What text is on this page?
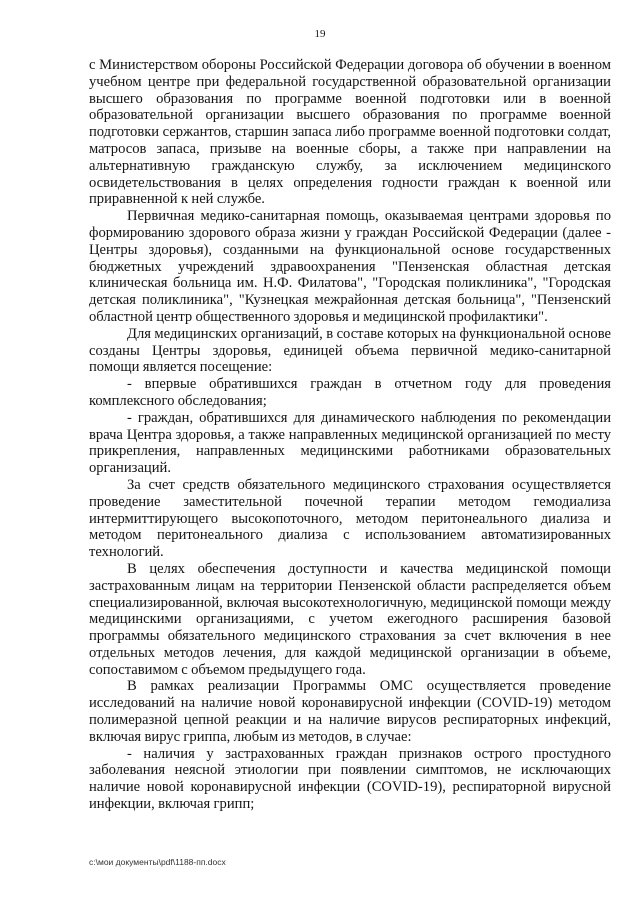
19

с Министерством обороны Российской Федерации договора об обучении в военном учебном центре при федеральной государственной образовательной организации высшего образования по программе военной подготовки или в военной образовательной организации высшего образования по программе военной подготовки сержантов, старшин запаса либо программе военной подготовки солдат, матросов запаса, призыве на военные сборы, а также при направлении на альтернативную гражданскую службу, за исключением медицинского освидетельствования в целях определения годности граждан к военной или приравненной к ней службе.

Первичная медико-санитарная помощь, оказываемая центрами здоровья по формированию здорового образа жизни у граждан Российской Федерации (далее - Центры здоровья), созданными на функциональной основе государственных бюджетных учреждений здравоохранения "Пензенская областная детская клиническая больница им. Н.Ф. Филатова", "Городская поликлиника", "Городская детская поликлиника", "Кузнецкая межрайонная детская больница", "Пензенский областной центр общественного здоровья и медицинской профилактики".

Для медицинских организаций, в составе которых на функциональной основе созданы Центры здоровья, единицей объема первичной медико-санитарной помощи является посещение:

- впервые обратившихся граждан в отчетном году для проведения комплексного обследования;

- граждан, обратившихся для динамического наблюдения по рекомендации врача Центра здоровья, а также направленных медицинской организацией по месту прикрепления, направленных медицинскими работниками образовательных организаций.

За счет средств обязательного медицинского страхования осуществляется проведение заместительной почечной терапии методом гемодиализа интермиттирующего высокопоточного, методом перитонеального диализа и методом перитонеального диализа с использованием автоматизированных технологий.

В целях обеспечения доступности и качества медицинской помощи застрахованным лицам на территории Пензенской области распределяется объем специализированной, включая высокотехнологичную, медицинской помощи между медицинскими организациями, с учетом ежегодного расширения базовой программы обязательного медицинского страхования за счет включения в нее отдельных методов лечения, для каждой медицинской организации в объеме, сопоставимом с объемом предыдущего года.

В рамках реализации Программы ОМС осуществляется проведение исследований на наличие новой коронавирусной инфекции (COVID-19) методом полимеразной цепной реакции и на наличие вирусов респираторных инфекций, включая вирус гриппа, любым из методов, в случае:

- наличия у застрахованных граждан признаков острого простудного заболевания неясной этиологии при появлении симптомов, не исключающих наличие новой коронавирусной инфекции (COVID-19), респираторной вирусной инфекции, включая грипп;

c:\мои документы\pdf\1188-пп.docx
